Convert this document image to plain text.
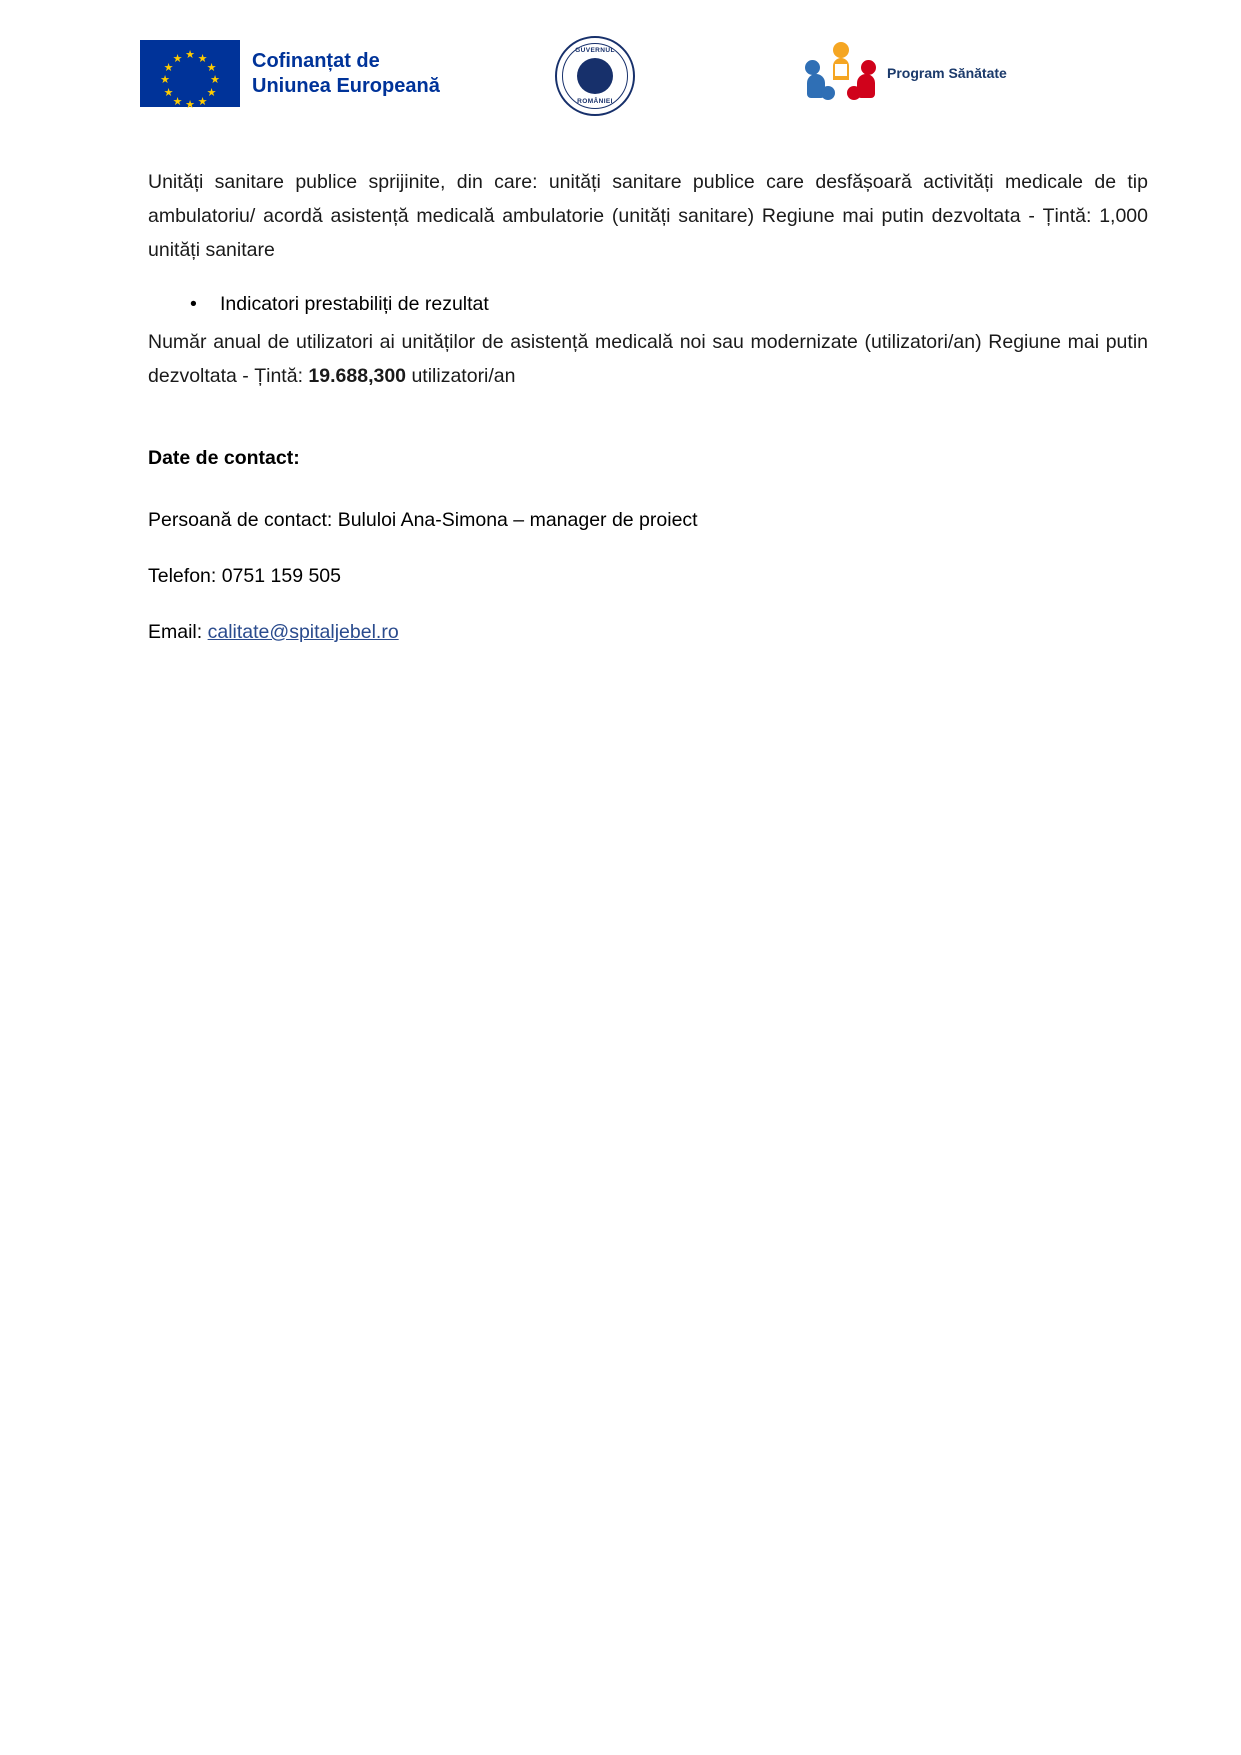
★ ★
★
★
★
★
★
★
★
★
★
★	Cofinanțat de
Uniunea Europeană
GUVERNUL
ROMÂNIEI
Program Sănătate

Unități sanitare publice sprijinite, din care: unități sanitare publice care desfășoară activități medicale de tip ambulatoriu/ acordă asistență medicală ambulatorie (unități sanitare) Regiune mai putin dezvoltata - Țintă: 1,000 unități sanitare

•	Indicatori prestabiliți de rezultat

Număr anual de utilizatori ai unităților de asistență medicală noi sau modernizate (utilizatori/an) Regiune mai putin dezvoltata - Țintă: 19.688,300 utilizatori/an

Date de contact:
Persoană de contact: Bululoi Ana-Simona – manager de proiect
Telefon: 0751 159 505
Email: calitate@spitaljebel.ro
